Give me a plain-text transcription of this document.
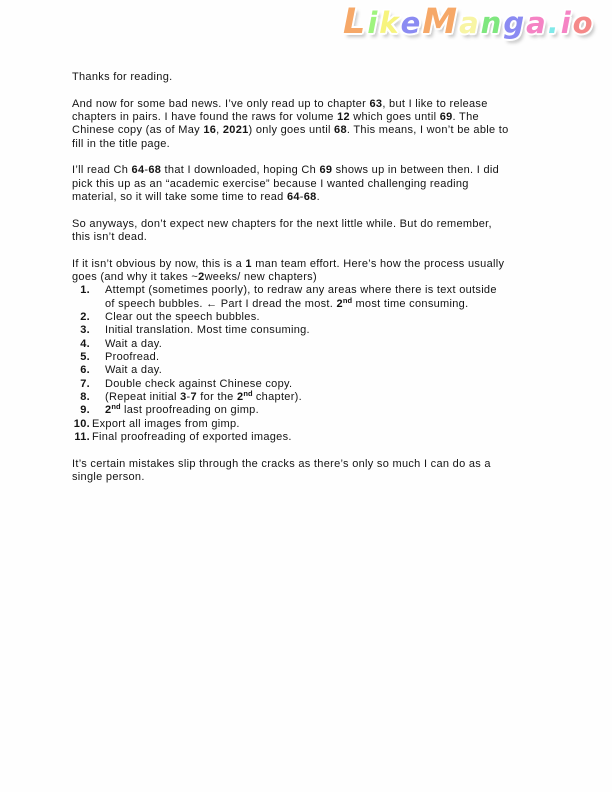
LikeManga.io
Thanks for reading.
And now for some bad news. I’ve only read up to chapter 63, but I like to release
chapters in pairs. I have found the raws for volume 12 which goes until 69. The
Chinese copy (as of May 16, 2021) only goes until 68. This means, I won’t be able to
fill in the title page.
I’ll read Ch 64-68 that I downloaded, hoping Ch 69 shows up in between then. I did
pick this up as an “academic exercise” because I wanted challenging reading
material, so it will take some time to read 64-68.
So anyways, don’t expect new chapters for the next little while. But do remember,
this isn’t dead.
If it isn’t obvious by now, this is a 1 man team effort. Here’s how the process usually
goes (and why it takes ~2weeks/ new chapters)
1. Attempt (sometimes poorly), to redraw any areas where there is text outside
of speech bubbles. ← Part I dread the most. 2nd most time consuming.
2. Clear out the speech bubbles.
3. Initial translation. Most time consuming.
4. Wait a day.
5. Proofread.
6. Wait a day.
7. Double check against Chinese copy.
8. (Repeat initial 3-7 for the 2nd chapter).
9. 2nd last proofreading on gimp.
10. Export all images from gimp.
11. Final proofreading of exported images.
It’s certain mistakes slip through the cracks as there’s only so much I can do as a
single person.
